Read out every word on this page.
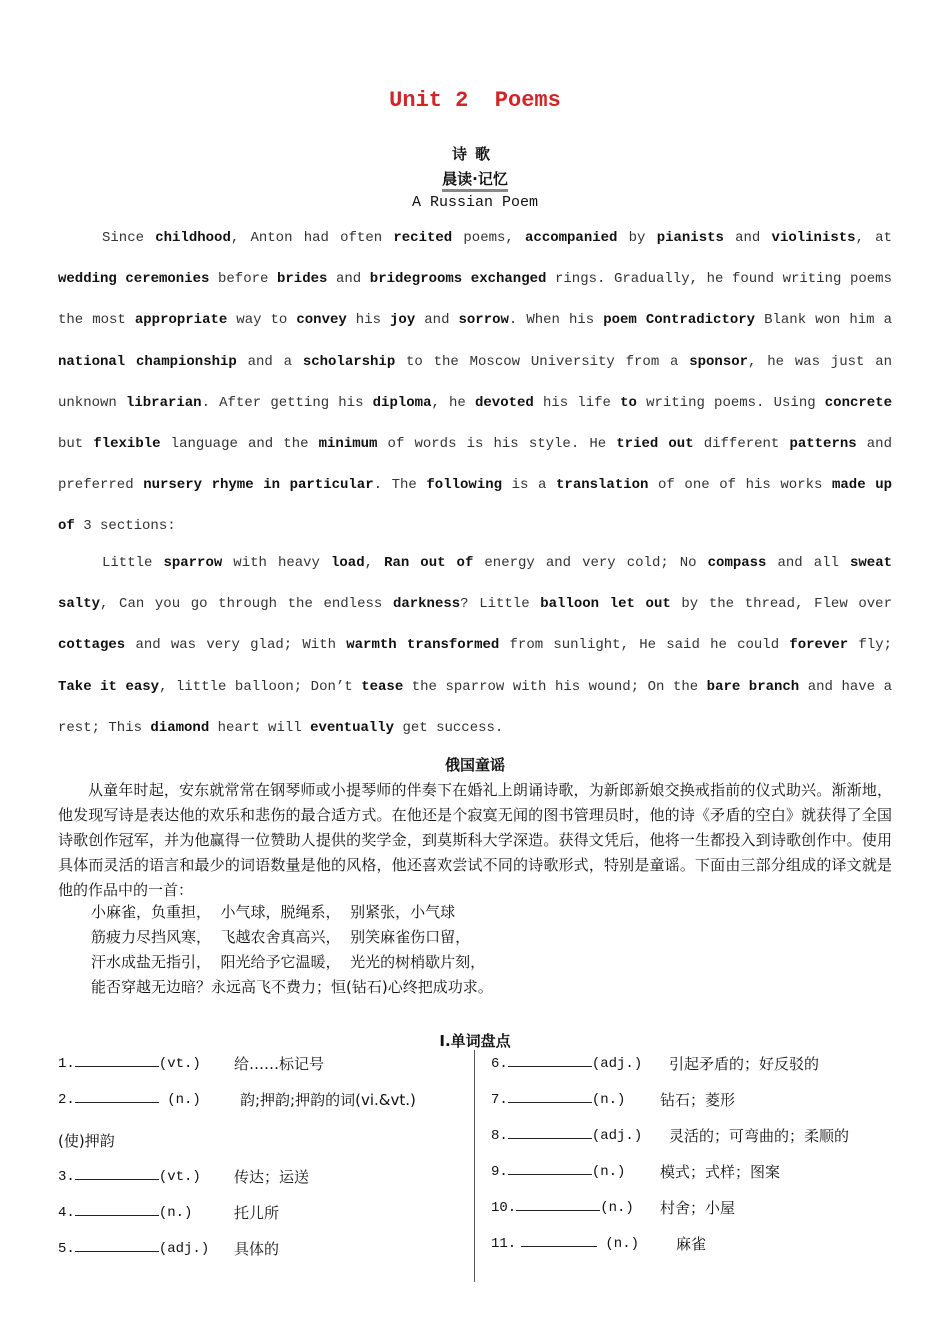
Unit 2  Poems
诗歌
晨读·记忆
A Russian Poem
Since childhood, Anton had often recited poems, accompanied by pianists and violinists, at wedding ceremonies before brides and bridegrooms exchanged rings. Gradually, he found writing poems the most appropriate way to convey his joy and sorrow. When his poem Contradictory Blank won him a national championship and a scholarship to the Moscow University from a sponsor, he was just an unknown librarian. After getting his diploma, he devoted his life to writing poems. Using concrete but flexible language and the minimum of words is his style. He tried out different patterns and preferred nursery rhyme in particular. The following is a translation of one of his works made up of 3 sections:
Little sparrow with heavy load, Ran out of energy and very cold; No compass and all sweat salty, Can you go through the endless darkness? Little balloon let out by the thread, Flew over cottages and was very glad; With warmth transformed from sunlight, He said he could forever fly; Take it easy, little balloon; Don’t tease the sparrow with his wound; On the bare branch and have a rest; This diamond heart will eventually get success.
俄国童谣
从童年时起，安东就常常在钢琴师或小提琴师的伴奏下在婚礼上朗诵诗歌，为新郎新娘交换戒指前的仪式助兴。渐渐地，他发现写诗是表达他的欢乐和悲伤的最合适方式。在他还是个寂寞无闻的图书管理员时，他的诗《矛盾的空白》就获得了全国诗歌创作冠军，并为他赢得一位赞助人提供的奖学金，到莫斯科大学深造。获得文凭后，他将一生都投入到诗歌创作中。使用具体而灵活的语言和最少的词语数量是他的风格，他还喜欢尝试不同的诗歌形式，特别是童谣。下面由三部分组成的译文就是他的作品中的一首：
小麻雀，负重担，  小气球，脱绳系，  别紧张，小气球
筋疲力尽挡风寒，  飞越农舍真高兴，  别笑麻雀伤口留，
汗水成盐无指引，  阳光给予它温暖，  光光的树梢歇片刻，
能否穿越无边暗？永远高飞不费力；恒(钻石)心终把成功求。
Ⅰ.单词盘点
1.	(vt.) 给……标记号
2.	(n.)	韵;押韵;押韵的词(vi.&vt.)
(使)押韵
3.	(vt.) 传达；运送
4.	(n.)	托儿所
5.	(adj.) 具体的
6.	(adj.) 引起矛盾的；好反驳的
7.	(n.) 钻石；菱形
8.	(adj.) 灵活的；可弯曲的；柔顺的
9.	(n.) 模式；式样；图案
10.	(n.) 村舍；小屋
11.	(n.) 麻雀
